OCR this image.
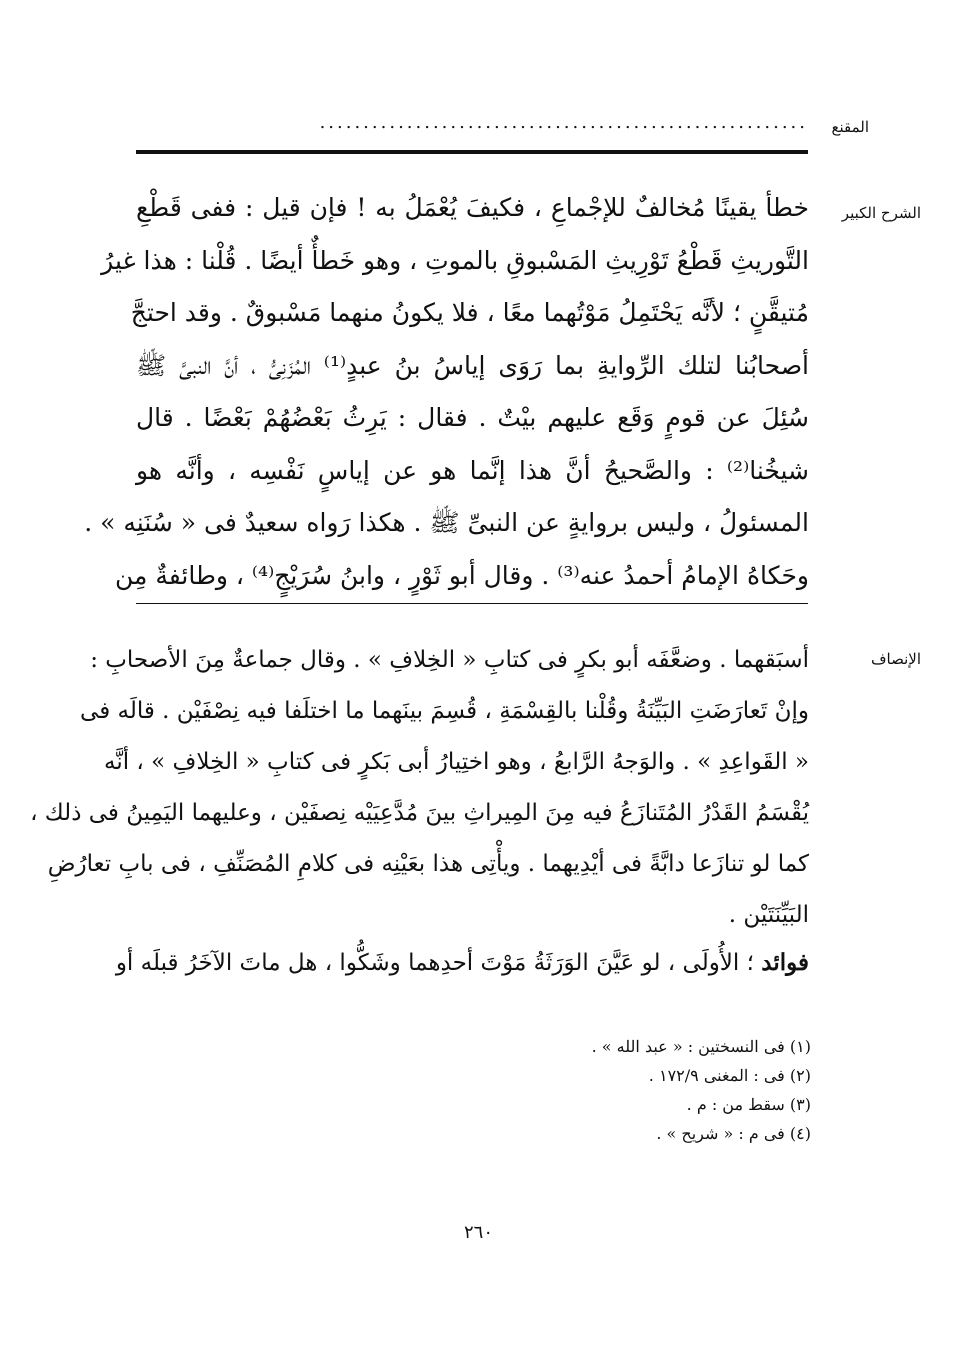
المقنع
........................................................
الشرح الكبير
خطأ يقينًا مُخالفٌ للإجْماعِ ، فكيفَ يُعْمَلُ به ! فإن قيل : ففى قَطْعِ
التَّوريثِ قَطْعُ تَوْرِيثِ المَسْبوقِ بالموتِ ، وهو خَطأٌ أيضًا . قُلْنا : هذا غيرُ
مُتيقَّنٍ ؛ لأنَّه يَحْتَمِلُ مَوْتُهما معًا ، فلا يكونُ منهما مَسْبوقٌ . وقد احتجَّ
أصحابُنا لتلك الرِّوايةِ بما رَوَى إياسُ بنُ عبدٍ⁽¹⁾ المُزَنِىُّ ، أنَّ النبىَّ ﷺ
سُئِلَ عن قومٍ وَقَع عليهم بيْتٌ . فقال : يَرِثُ بَعْضُهُمْ بَعْضًا . قال
شيخُنا⁽²⁾ : والصَّحيحُ أنَّ هذا إنَّما هو عن إياسٍ نَفْسِه ، وأنَّه هو
المسئولُ ، وليس بروايةٍ عن النبىِّ ﷺ . هكذا رَواه سعيدٌ فى « سُنَنِه » .
وحَكاهُ الإمامُ أحمدُ عنه⁽³⁾ . وقال أبو ثَوْرٍ ، وابنُ سُرَيْجٍ⁽⁴⁾ ، وطائفةٌ مِن
الإنصاف
أسبَقهما . وضعَّفَه أبو بكرٍ فى كتابِ « الخِلافِ » . وقال جماعةٌ مِنَ الأصحابِ :
وإنْ تَعارَضَتِ البَيِّنَةُ وقُلْنا بالقِسْمَةِ ، قُسِمَ بينَهما ما اختلَفا فيه نِصْفَيْن . قالَه فى
« القَواعِدِ » . والوَجهُ الرَّابعُ ، وهو اختِيارُ أبى بَكرٍ فى كتابِ « الخِلافِ » ، أنَّه
يُقْسَمُ القَدْرُ المُتَنازَعُ فيه مِنَ المِيراثِ بينَ مُدَّعِيَيْه نِصفَيْن ، وعليهما اليَمِينُ فى ذلك ،
كما لو تنازَعا دابَّةً فى أيْدِيهما . ويأْتِى هذا بعَيْنِه فى كلامِ المُصَنِّفِ ، فى بابِ تعارُضِ
البَيِّنَتَيْن .
فوائد ؛ الأُولَى ، لو عَيَّنَ الوَرَثَةُ مَوْتَ أحدِهما وشَكُّوا ، هل ماتَ الآخَرُ قبلَه أو
(١) فى النسختين : « عبد الله » .
(٢) فى : المغنى ١٧٢/٩ .
(٣) سقط من : م .
(٤) فى م : « شريح » .
٢٦٠
